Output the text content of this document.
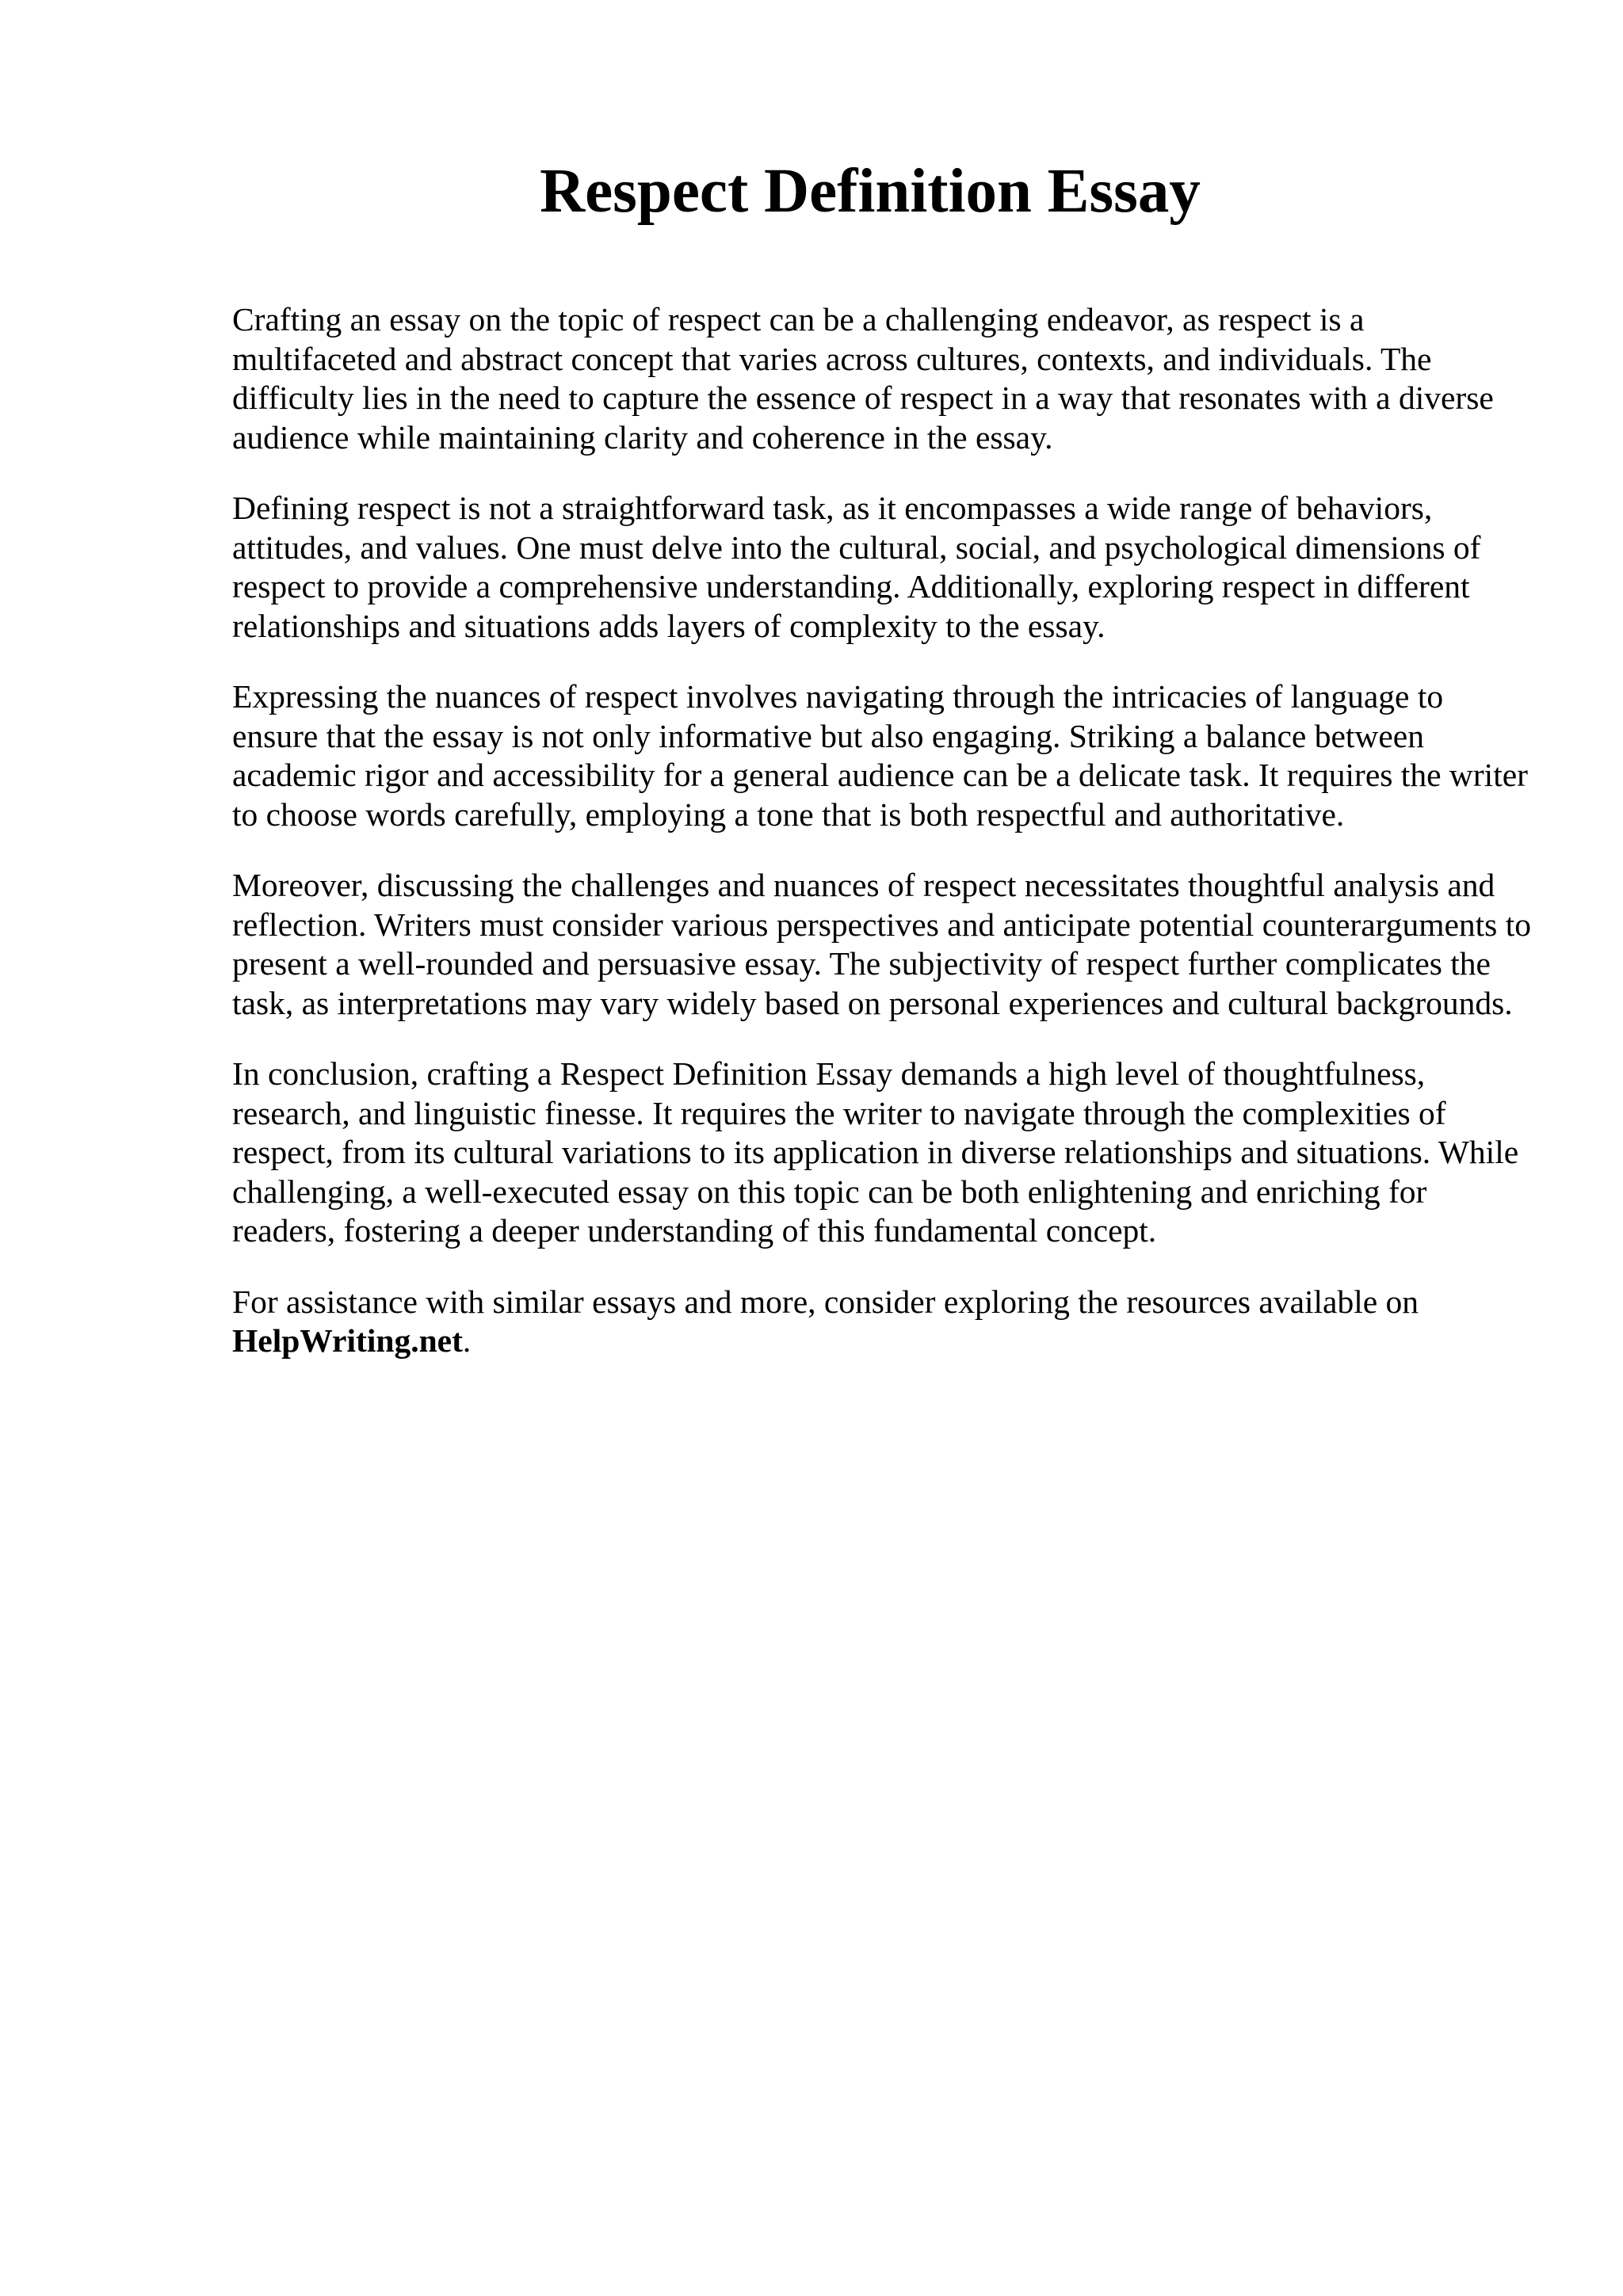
Respect Definition Essay

Crafting an essay on the topic of respect can be a challenging endeavor, as respect is a multifaceted and abstract concept that varies across cultures, contexts, and individuals. The difficulty lies in the need to capture the essence of respect in a way that resonates with a diverse audience while maintaining clarity and coherence in the essay.

Defining respect is not a straightforward task, as it encompasses a wide range of behaviors, attitudes, and values. One must delve into the cultural, social, and psychological dimensions of respect to provide a comprehensive understanding. Additionally, exploring respect in different relationships and situations adds layers of complexity to the essay.

Expressing the nuances of respect involves navigating through the intricacies of language to ensure that the essay is not only informative but also engaging. Striking a balance between academic rigor and accessibility for a general audience can be a delicate task. It requires the writer to choose words carefully, employing a tone that is both respectful and authoritative.

Moreover, discussing the challenges and nuances of respect necessitates thoughtful analysis and reflection. Writers must consider various perspectives and anticipate potential counterarguments to present a well-rounded and persuasive essay. The subjectivity of respect further complicates the task, as interpretations may vary widely based on personal experiences and cultural backgrounds.

In conclusion, crafting a Respect Definition Essay demands a high level of thoughtfulness, research, and linguistic finesse. It requires the writer to navigate through the complexities of respect, from its cultural variations to its application in diverse relationships and situations. While challenging, a well-executed essay on this topic can be both enlightening and enriching for readers, fostering a deeper understanding of this fundamental concept.

For assistance with similar essays and more, consider exploring the resources available on HelpWriting.net.
